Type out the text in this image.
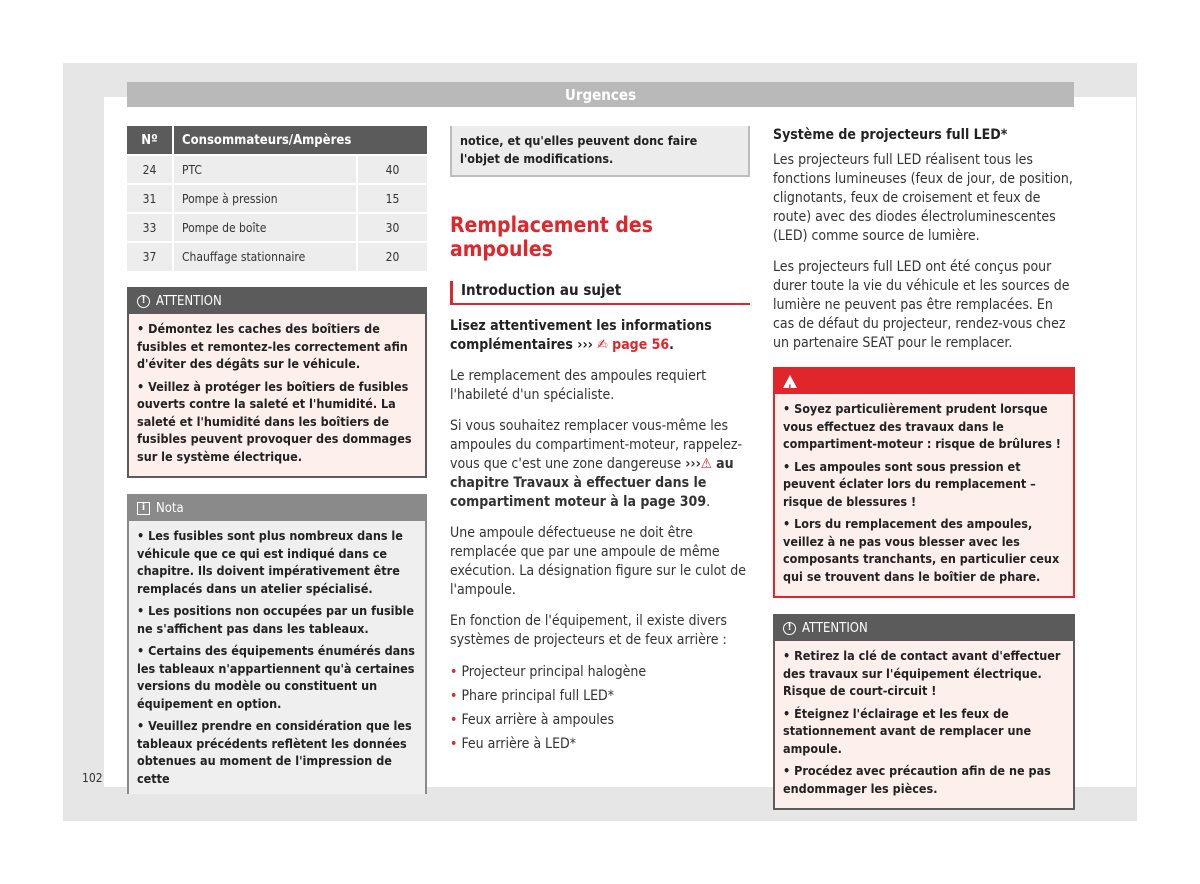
Urgences
Nº	Consommateurs/Ampères	
24	PTC	40
31	Pompe à pression	15
33	Pompe de boîte	30
37	Chauffage stationnaire	20
! ATTENTION

• Démontez les caches des boîtiers de fusibles et remontez-les correctement afin d'éviter des dégâts sur le véhicule.

• Veillez à protéger les boîtiers de fusibles ouverts contre la saleté et l'humidité. La saleté et l'humidité dans les boîtiers de fusibles peuvent provoquer des dommages sur le système électrique.

i Nota

• Les fusibles sont plus nombreux dans le véhicule que ce qui est indiqué dans ce chapitre. Ils doivent impérativement être remplacés dans un atelier spécialisé.

• Les positions non occupées par un fusible ne s'affichent pas dans les tableaux.

• Certains des équipements énumérés dans les tableaux n'appartiennent qu'à certaines versions du modèle ou constituent un équipement en option.

• Veuillez prendre en considération que les tableaux précédents reflètent les données obtenues au moment de l'impression de cette

notice, et qu'elles peuvent donc faire l'objet de modifications.
Remplacement des ampoules
Introduction au sujet
Lisez attentivement les informations complémentaires ››› ✍ page 56.

Le remplacement des ampoules requiert l'habileté d'un spécialiste.

Si vous souhaitez remplacer vous-même les ampoules du compartiment-moteur, rappelez-vous que c'est une zone dangereuse ›››⚠ au chapitre Travaux à effectuer dans le compartiment moteur à la page 309.

Une ampoule défectueuse ne doit être remplacée que par une ampoule de même exécution. La désignation figure sur le culot de l'ampoule.

En fonction de l'équipement, il existe divers systèmes de projecteurs et de feux arrière :

• Projecteur principal halogène
• Phare principal full LED*
• Feux arrière à ampoules
• Feu arrière à LED*
Système de projecteurs full LED*

Les projecteurs full LED réalisent tous les fonctions lumineuses (feux de jour, de position, clignotants, feux de croisement et feux de route) avec des diodes électroluminescentes (LED) comme source de lumière.

Les projecteurs full LED ont été conçus pour durer toute la vie du véhicule et les sources de lumière ne peuvent pas être remplacées. En cas de défaut du projecteur, rendez-vous chez un partenaire SEAT pour le remplacer.

!
AVERTISSEMENT

• Soyez particulièrement prudent lorsque vous effectuez des travaux dans le compartiment-moteur : risque de brûlures !

• Les ampoules sont sous pression et peuvent éclater lors du remplacement – risque de blessures !

• Lors du remplacement des ampoules, veillez à ne pas vous blesser avec les composants tranchants, en particulier ceux qui se trouvent dans le boîtier de phare.

! ATTENTION

• Retirez la clé de contact avant d'effectuer des travaux sur l'équipement électrique. Risque de court-circuit !

• Éteignez l'éclairage et les feux de stationnement avant de remplacer une ampoule.

• Procédez avec précaution afin de ne pas endommager les pièces.

102
